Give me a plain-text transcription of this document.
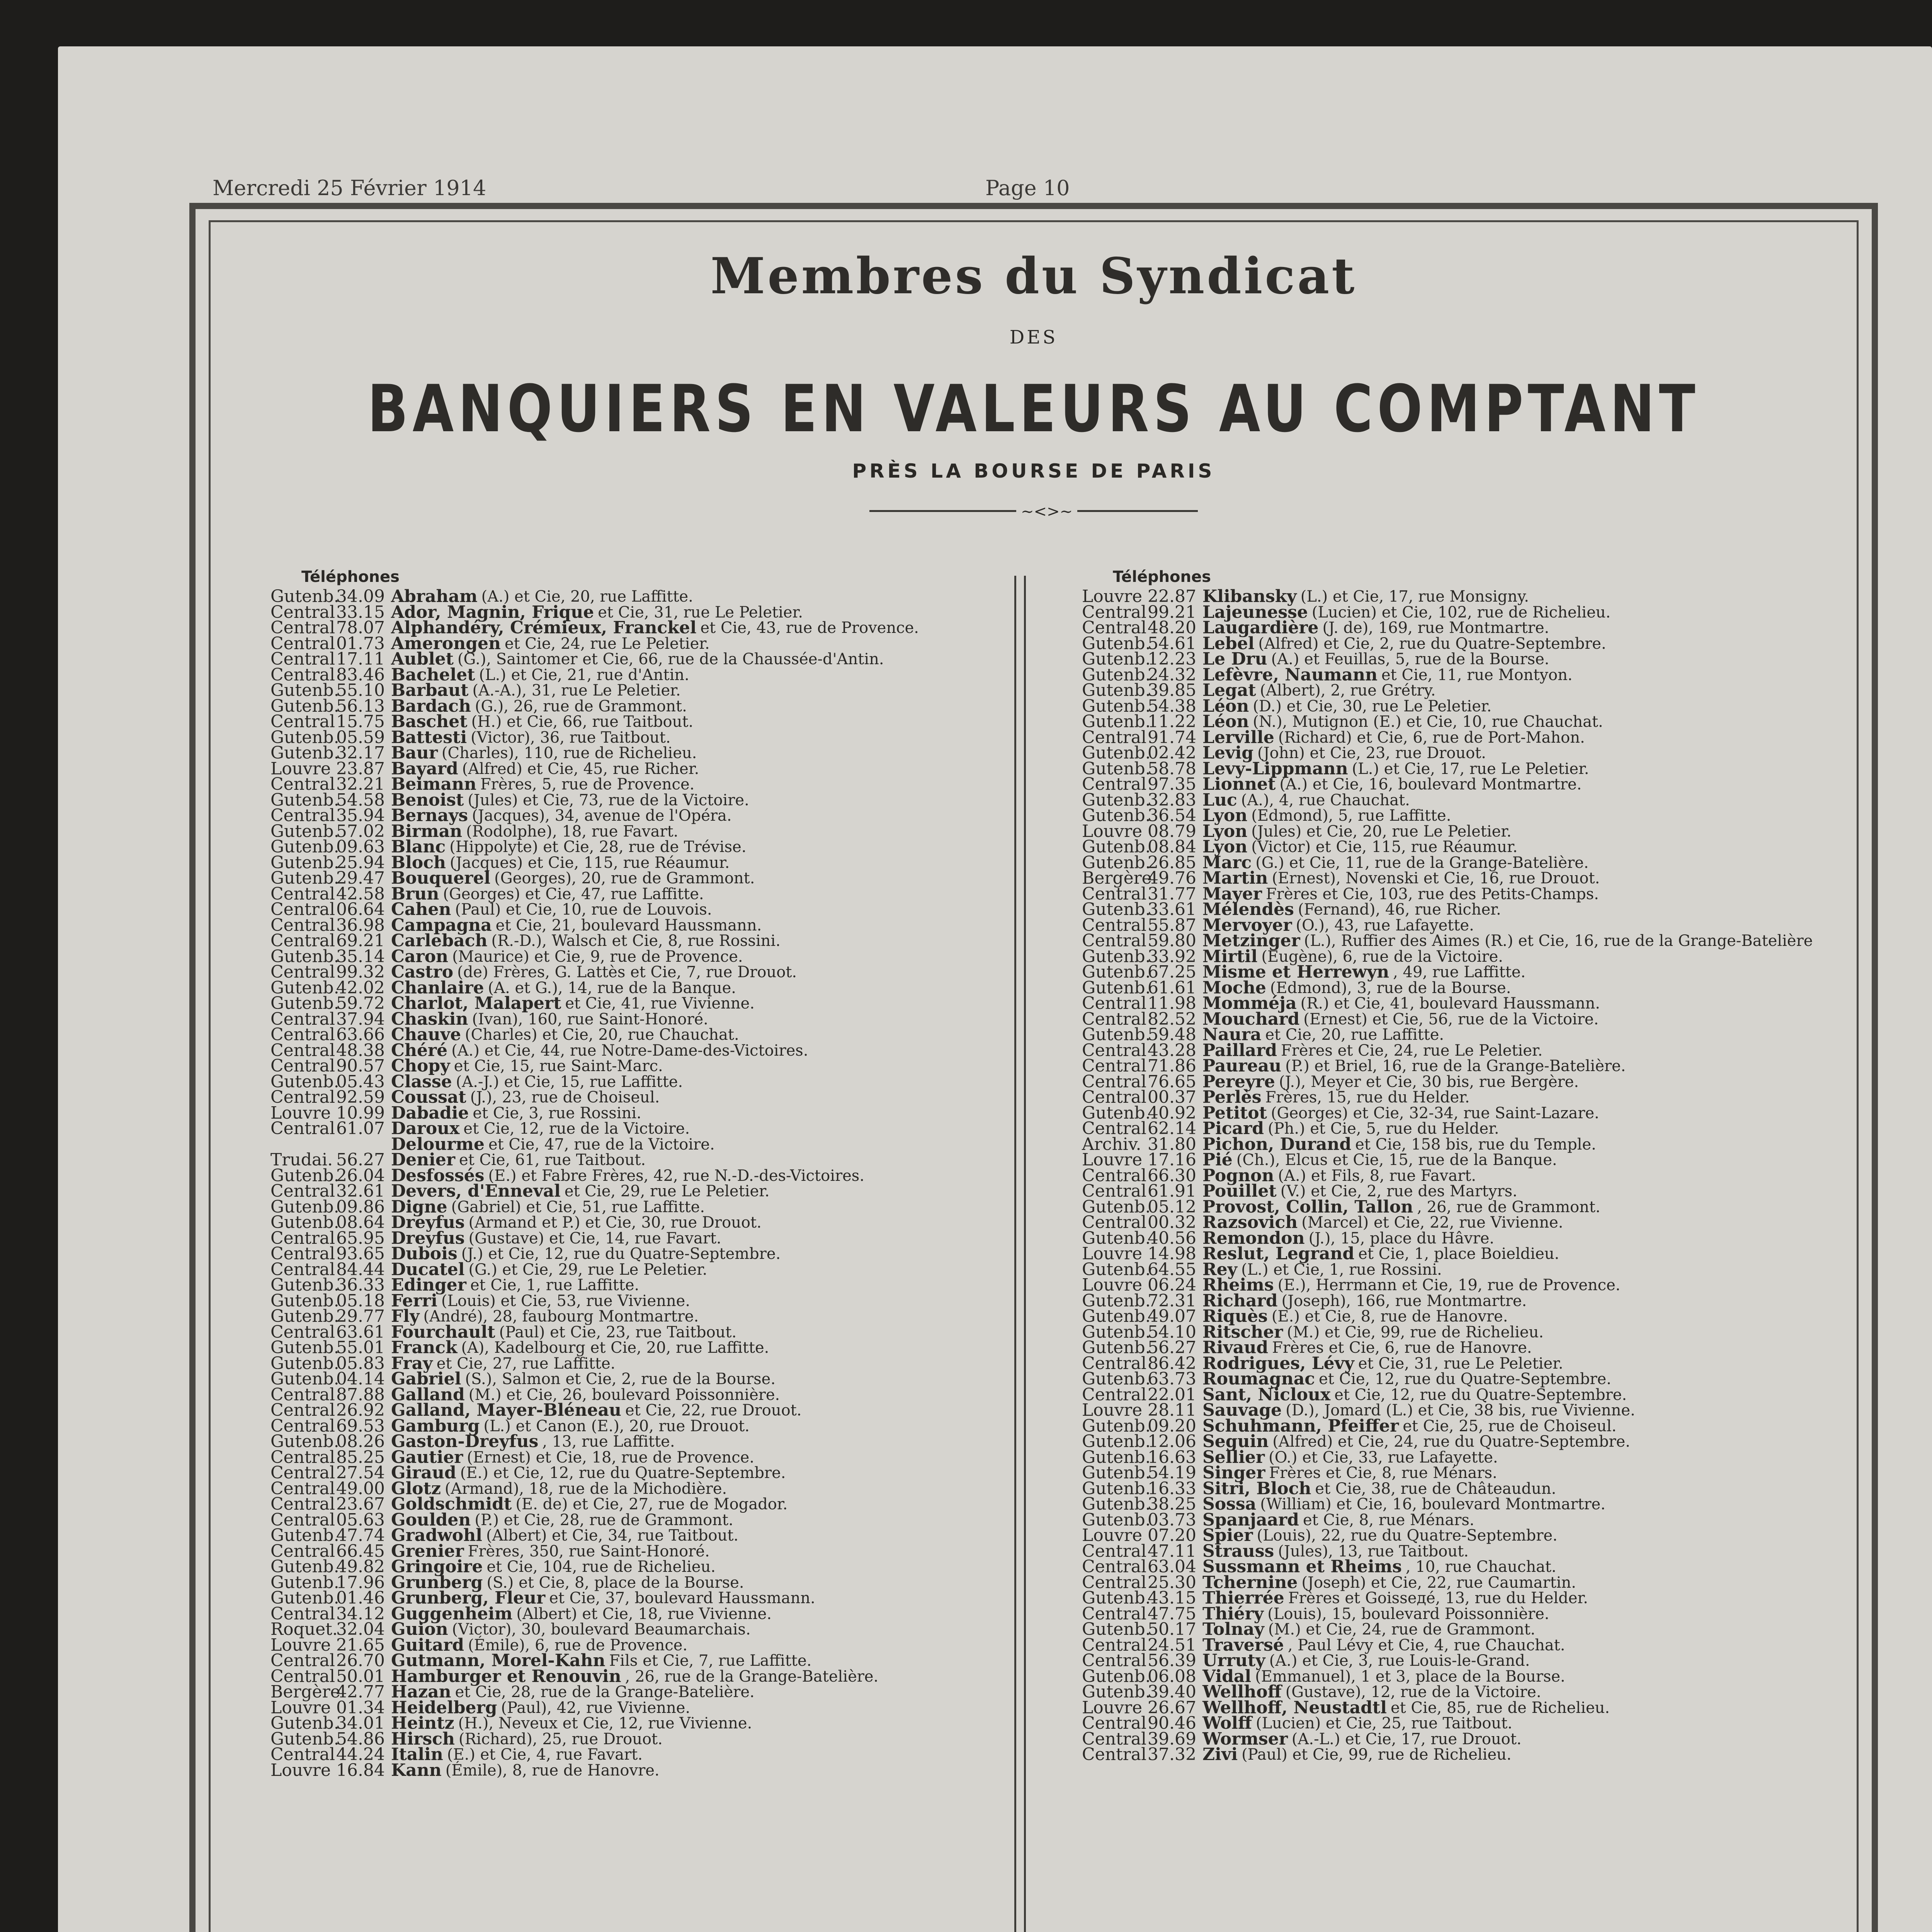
Mercredi 25 Février 1914	Page 10
Membres du Syndicat
DES
BANQUIERS EN VALEURS AU COMPTANT
PRÈS LA BOURSE DE PARIS
~<>~
Téléphones
Gutenb.
34.09 Abraham (A.) et Cie, 20, rue Laffitte.
Central 33.15 Ador, Magnin, Frique et Cie, 31, rue Le Peletier.
Central 78.07 Alphandéry, Crémieux, Franckel et Cie, 43, rue de Provence.
Central 01.73 Amerongen et Cie, 24, rue Le Peletier.
Central 17.11 Aublet (G.), Saintomer et Cie, 66, rue de la Chaussée-d'Antin.
Central 83.46 Bachelet (L.) et Cie, 21, rue d'Antin.
Gutenb.
55.10 Barbaut (A.-A.), 31, rue Le Peletier.
Gutenb.
56.13 Bardach (G.), 26, rue de Grammont.
Central 15.75 Baschet (H.) et Cie, 66, rue Taitbout.
Gutenb.
05.59 Battesti (Victor), 36, rue Taitbout.
Gutenb.
32.17 Baur (Charles), 110, rue de Richelieu.
Louvre 23.87 Bayard (Alfred) et Cie, 45, rue Richer.
Central 32.21 Beimann Frères, 5, rue de Provence.
Gutenb.
54.58 Benoist (Jules) et Cie, 73, rue de la Victoire.
Central 35.94 Bernays (Jacques), 34, avenue de l'Opéra.
Gutenb.
57.02 Birman (Rodolphe), 18, rue Favart.
Gutenb.
09.63 Blanc (Hippolyte) et Cie, 28, rue de Trévise.
Gutenb.
25.94 Bloch (Jacques) et Cie, 115, rue Réaumur.
Gutenb.
29.47 Bouquerel (Georges), 20, rue de Grammont.
Central 42.58 Brun (Georges) et Cie, 47, rue Laffitte.
Central 06.64 Cahen (Paul) et Cie, 10, rue de Louvois.
Central 36.98 Campagna et Cie, 21, boulevard Haussmann.
Central 69.21 Carlebach (R.-D.), Walsch et Cie, 8, rue Rossini.
Gutenb.
35.14 Caron (Maurice) et Cie, 9, rue de Provence.
Central 99.32 Castro (de) Frères, G. Lattès et Cie, 7, rue Drouot.
Gutenb.
42.02 Chanlaire (A. et G.), 14, rue de la Banque.
Gutenb.
59.72 Charlot, Malapert et Cie, 41, rue Vivienne.
Central 37.94 Chaskin (Ivan), 160, rue Saint-Honoré.
Central 63.66 Chauve (Charles) et Cie, 20, rue Chauchat.
Central 48.38 Chéré (A.) et Cie, 44, rue Notre-Dame-des-Victoires.
Central 90.57 Chopy et Cie, 15, rue Saint-Marc.
Gutenb.
05.43 Classe (A.-J.) et Cie, 15, rue Laffitte.
Central 92.59 Coussat (J.), 23, rue de Choiseul.
Louvre 10.99 Dabadie et Cie, 3, rue Rossini.
Central 61.07 Daroux et Cie, 12, rue de la Victoire.
Delourme et Cie, 47, rue de la Victoire.
Trudai. 56.27 Denier et Cie, 61, rue Taitbout.
Gutenb.
26.04 Desfossés (E.) et Fabre Frères, 42, rue N.-D.-des-Victoires.
Central 32.61 Devers, d'Enneval et Cie, 29, rue Le Peletier.
Gutenb.
09.86 Digne (Gabriel) et Cie, 51, rue Laffitte.
Gutenb.
08.64 Dreyfus (Armand et P.) et Cie, 30, rue Drouot.
Central 65.95 Dreyfus (Gustave) et Cie, 14, rue Favart.
Central 93.65 Dubois (J.) et Cie, 12, rue du Quatre-Septembre.
Central 84.44 Ducatel (G.) et Cie, 29, rue Le Peletier.
Gutenb.
36.33 Edinger et Cie, 1, rue Laffitte.
Gutenb.
05.18 Ferri (Louis) et Cie, 53, rue Vivienne.
Gutenb.
29.77 Fly (André), 28, faubourg Montmartre.
Central 63.61 Fourchault (Paul) et Cie, 23, rue Taitbout.
Gutenb.
55.01 Franck (A), Kadelbourg et Cie, 20, rue Laffitte.
Gutenb.
05.83 Fray et Cie, 27, rue Laffitte.
Gutenb.
04.14 Gabriel (S.), Salmon et Cie, 2, rue de la Bourse.
Central 87.88 Galland (M.) et Cie, 26, boulevard Poissonnière.
Central 26.92 Galland, Mayer-Bléneau et Cie, 22, rue Drouot.
Central 69.53 Gamburg (L.) et Canon (E.), 20, rue Drouot.
Gutenb.
08.26 Gaston-Dreyfus , 13, rue Laffitte.
Central 85.25 Gautier (Ernest) et Cie, 18, rue de Provence.
Central 27.54 Giraud (E.) et Cie, 12, rue du Quatre-Septembre.
Central 49.00 Glotz (Armand), 18, rue de la Michodière.
Central 23.67 Goldschmidt (E. de) et Cie, 27, rue de Mogador.
Central 05.63 Goulden (P.) et Cie, 28, rue de Grammont.
Gutenb.
47.74 Gradwohl (Albert) et Cie, 34, rue Taitbout.
Central 66.45 Grenier Frères, 350, rue Saint-Honoré.
Gutenb.
49.82 Gringoire et Cie, 104, rue de Richelieu.
Gutenb.
17.96 Grunberg (S.) et Cie, 8, place de la Bourse.
Gutenb.
01.46 Grunberg, Fleur et Cie, 37, boulevard Haussmann.
Central 34.12 Guggenheim (Albert) et Cie, 18, rue Vivienne.
Roquet.
32.04 Guion (Victor), 30, boulevard Beaumarchais.
Louvre 21.65 Guitard (Émile), 6, rue de Provence.
Central 26.70 Gutmann, Morel-Kahn Fils et Cie, 7, rue Laffitte.
Central 50.01 Hamburger et Renouvin , 26, rue de la Grange-Batelière.
Bergère
42.77 Hazan et Cie, 28, rue de la Grange-Batelière.
Louvre 01.34 Heidelberg (Paul), 42, rue Vivienne.
Gutenb.
34.01 Heintz (H.), Neveux et Cie, 12, rue Vivienne.
Gutenb.
54.86 Hirsch (Richard), 25, rue Drouot.
Central 44.24 Italin (E.) et Cie, 4, rue Favart.
Louvre 16.84 Kann (Émile), 8, rue de Hanovre.
Téléphones
Louvre 22.87 Klibansky (L.) et Cie, 17, rue Monsigny.
Central 99.21 Lajeunesse (Lucien) et Cie, 102, rue de Richelieu.
Central 48.20 Laugardière (J. de), 169, rue Montmartre.
Gutenb.
54.61 Lebel (Alfred) et Cie, 2, rue du Quatre-Septembre.
Gutenb.
12.23 Le Dru (A.) et Feuillas, 5, rue de la Bourse.
Gutenb.
24.32 Lefèvre, Naumann et Cie, 11, rue Montyon.
Gutenb.
39.85 Legat (Albert), 2, rue Grétry.
Gutenb.
54.38 Léon (D.) et Cie, 30, rue Le Peletier.
Gutenb.
11.22 Léon (N.), Mutignon (E.) et Cie, 10, rue Chauchat.
Central 91.74 Lerville (Richard) et Cie, 6, rue de Port-Mahon.
Gutenb.
02.42 Levig (John) et Cie, 23, rue Drouot.
Gutenb.
58.78 Levy-Lippmann (L.) et Cie, 17, rue Le Peletier.
Central 97.35 Lionnet (A.) et Cie, 16, boulevard Montmartre.
Gutenb.
32.83 Luc (A.), 4, rue Chauchat.
Gutenb.
36.54 Lyon (Edmond), 5, rue Laffitte.
Louvre 08.79 Lyon (Jules) et Cie, 20, rue Le Peletier.
Gutenb.
08.84 Lyon (Victor) et Cie, 115, rue Réaumur.
Gutenb.
26.85 Marc (G.) et Cie, 11, rue de la Grange-Batelière.
Bergère
49.76 Martin (Ernest), Novenski et Cie, 16, rue Drouot.
Central 31.77 Mayer Frères et Cie, 103, rue des Petits-Champs.
Gutenb.
33.61 Mélendès (Fernand), 46, rue Richer.
Central 55.87 Mervoyer (O.), 43, rue Lafayette.
Central 59.80 Metzinger (L.), Ruffier des Aimes (R.) et Cie, 16, rue de la Grange-Batelière
Gutenb.
33.92 Mirtil (Eugène), 6, rue de la Victoire.
Gutenb.
67.25 Misme et Herrewyn , 49, rue Laffitte.
Gutenb.
61.61 Moche (Edmond), 3, rue de la Bourse.
Central 11.98 Momméja (R.) et Cie, 41, boulevard Haussmann.
Central 82.52 Mouchard (Ernest) et Cie, 56, rue de la Victoire.
Gutenb.
59.48 Naura et Cie, 20, rue Laffitte.
Central 43.28 Paillard Frères et Cie, 24, rue Le Peletier.
Central 71.86 Paureau (P.) et Briel, 16, rue de la Grange-Batelière.
Central 76.65 Pereyre (J.), Meyer et Cie, 30 bis, rue Bergère.
Central 00.37 Perlès Frères, 15, rue du Helder.
Gutenb.
40.92 Petitot (Georges) et Cie, 32-34, rue Saint-Lazare.
Central 62.14 Picard (Ph.) et Cie, 5, rue du Helder.
Archiv. 31.80 Pichon, Durand et Cie, 158 bis, rue du Temple.
Louvre 17.16 Pié (Ch.), Elcus et Cie, 15, rue de la Banque.
Central 66.30 Pognon (A.) et Fils, 8, rue Favart.
Central 61.91 Pouillet (V.) et Cie, 2, rue des Martyrs.
Gutenb.
05.12 Provost, Collin, Tallon , 26, rue de Grammont.
Central 00.32 Razsovich (Marcel) et Cie, 22, rue Vivienne.
Gutenb.
40.56 Remondon (J.), 15, place du Hâvre.
Louvre 14.98 Reslut, Legrand et Cie, 1, place Boieldieu.
Gutenb.
64.55 Rey (L.) et Cie, 1, rue Rossini.
Louvre 06.24 Rheims (E.), Herrmann et Cie, 19, rue de Provence.
Gutenb.
72.31 Richard (Joseph), 166, rue Montmartre.
Gutenb.
49.07 Riquès (E.) et Cie, 8, rue de Hanovre.
Gutenb.
54.10 Ritscher (M.) et Cie, 99, rue de Richelieu.
Gutenb.
56.27 Rivaud Frères et Cie, 6, rue de Hanovre.
Central 86.42 Rodrigues, Lévy et Cie, 31, rue Le Peletier.
Gutenb.
63.73 Roumagnac et Cie, 12, rue du Quatre-Septembre.
Central 22.01 Sant, Nicloux et Cie, 12, rue du Quatre-Septembre.
Louvre 28.11 Sauvage (D.), Jomard (L.) et Cie, 38 bis, rue Vivienne.
Gutenb.
09.20 Schuhmann, Pfeiffer et Cie, 25, rue de Choiseul.
Gutenb.
12.06 Seguin (Alfred) et Cie, 24, rue du Quatre-Septembre.
Gutenb.
16.63 Sellier (O.) et Cie, 33, rue Lafayette.
Gutenb.
54.19 Singer Frères et Cie, 8, rue Ménars.
Gutenb.
16.33 Sitri, Bloch et Cie, 38, rue de Châteaudun.
Gutenb.
38.25 Sossa (William) et Cie, 16, boulevard Montmartre.
Gutenb.
03.73 Spanjaard et Cie, 8, rue Ménars.
Louvre 07.20 Spier (Louis), 22, rue du Quatre-Septembre.
Central 47.11 Strauss (Jules), 13, rue Taitbout.
Central 63.04 Sussmann et Rheims , 10, rue Chauchat.
Central 25.30 Tchernine (Joseph) et Cie, 22, rue Caumartin.
Gutenb.
43.15 Thierrée Frères et Goisseдé, 13, rue du Helder.
Central 47.75 Thiéry (Louis), 15, boulevard Poissonnière.
Gutenb.
50.17 Tolnay (M.) et Cie, 24, rue de Grammont.
Central 24.51 Traversé , Paul Lévy et Cie, 4, rue Chauchat.
Central 56.39 Urruty (A.) et Cie, 3, rue Louis-le-Grand.
Gutenb.
06.08 Vidal (Emmanuel), 1 et 3, place de la Bourse.
Gutenb.
39.40 Wellhoff (Gustave), 12, rue de la Victoire.
Louvre 26.67 Wellhoff, Neustadtl et Cie, 85, rue de Richelieu.
Central 90.46 Wolff (Lucien) et Cie, 25, rue Taitbout.
Central 39.69 Wormser (A.-L.) et Cie, 17, rue Drouot.
Central 37.32 Zivi (Paul) et Cie, 99, rue de Richelieu.
